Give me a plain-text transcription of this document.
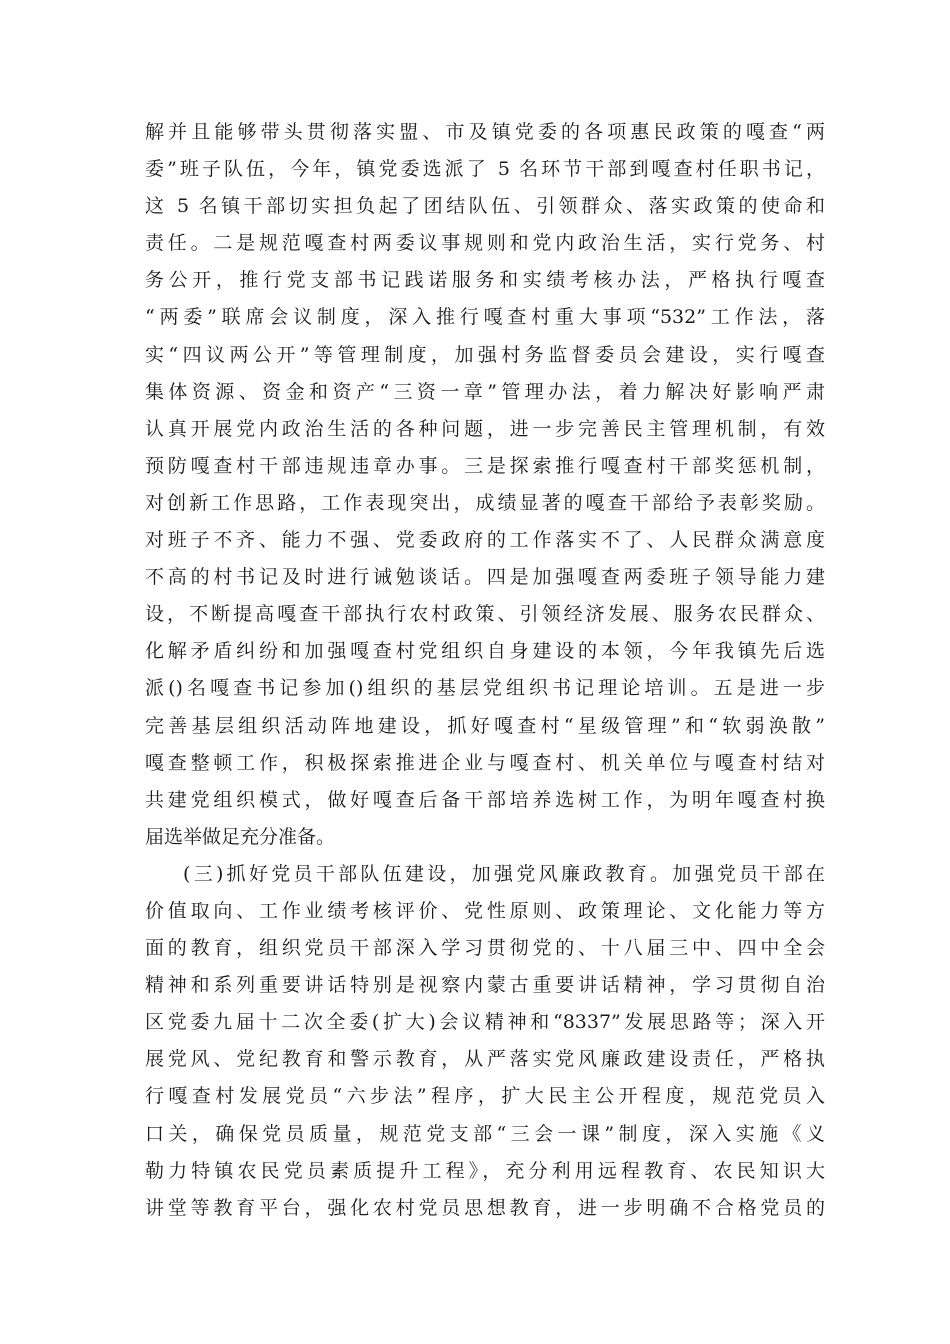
解并且能够带头贯彻落实盟、市及镇党委的各项惠民政策的嘎查“两
委”班子队伍，今年，镇党委选派了 5 名环节干部到嘎查村任职书记，
这 5 名镇干部切实担负起了团结队伍、引领群众、落实政策的使命和
责任。二是规范嘎查村两委议事规则和党内政治生活，实行党务、村
务公开，推行党支部书记践诺服务和实绩考核办法，严格执行嘎查
“两委”联席会议制度，深入推行嘎查村重大事项“532”工作法，落
实“四议两公开”等管理制度，加强村务监督委员会建设，实行嘎查
集体资源、资金和资产“三资一章”管理办法，着力解决好影响严肃
认真开展党内政治生活的各种问题，进一步完善民主管理机制，有效
预防嘎查村干部违规违章办事。三是探索推行嘎查村干部奖惩机制，
对创新工作思路，工作表现突出，成绩显著的嘎查干部给予表彰奖励。
对班子不齐、能力不强、党委政府的工作落实不了、人民群众满意度
不高的村书记及时进行诫勉谈话。四是加强嘎查两委班子领导能力建
设，不断提高嘎查干部执行农村政策、引领经济发展、服务农民群众、
化解矛盾纠纷和加强嘎查村党组织自身建设的本领，今年我镇先后选
派()名嘎查书记参加()组织的基层党组织书记理论培训。五是进一步
完善基层组织活动阵地建设，抓好嘎查村“星级管理”和“软弱涣散”
嘎查整顿工作，积极探索推进企业与嘎查村、机关单位与嘎查村结对
共建党组织模式，做好嘎查后备干部培养选树工作，为明年嘎查村换
届选举做足充分准备。
(三)抓好党员干部队伍建设，加强党风廉政教育。加强党员干部在
价值取向、工作业绩考核评价、党性原则、政策理论、文化能力等方
面的教育，组织党员干部深入学习贯彻党的、十八届三中、四中全会
精神和系列重要讲话特别是视察内蒙古重要讲话精神，学习贯彻自治
区党委九届十二次全委(扩大)会议精神和“8337”发展思路等；深入开
展党风、党纪教育和警示教育，从严落实党风廉政建设责任，严格执
行嘎查村发展党员“六步法”程序，扩大民主公开程度，规范党员入
口关，确保党员质量，规范党支部“三会一课”制度，深入实施《义
勒力特镇农民党员素质提升工程》，充分利用远程教育、农民知识大
讲堂等教育平台，强化农村党员思想教育，进一步明确不合格党员的
